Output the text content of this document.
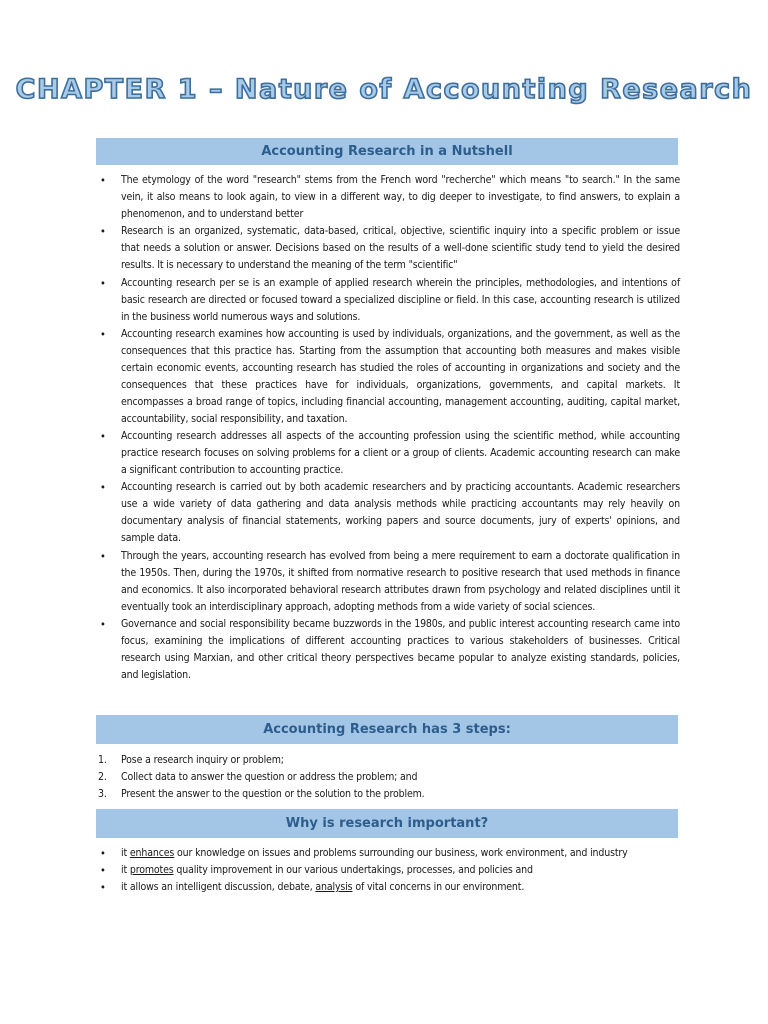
CHAPTER 1 – Nature of Accounting Research
Accounting Research in a Nutshell
• The etymology of the word "research" stems from the French word "recherche" which means "to search." In the same vein, it also means to look again, to view in a different way, to dig deeper to investigate, to find answers, to explain a phenomenon, and to understand better
• Research is an organized, systematic, data-based, critical, objective, scientific inquiry into a specific problem or issue that needs a solution or answer. Decisions based on the results of a well-done scientific study tend to yield the desired results. It is necessary to understand the meaning of the term "scientific"
• Accounting research per se is an example of applied research wherein the principles, methodologies, and intentions of basic research are directed or focused toward a specialized discipline or field. In this case, accounting research is utilized in the business world numerous ways and solutions.
• Accounting research examines how accounting is used by individuals, organizations, and the government, as well as the consequences that this practice has. Starting from the assumption that accounting both measures and makes visible certain economic events, accounting research has studied the roles of accounting in organizations and society and the consequences that these practices have for individuals, organizations, governments, and capital markets. It encompasses a broad range of topics, including financial accounting, management accounting, auditing, capital market, accountability, social responsibility, and taxation.
• Accounting research addresses all aspects of the accounting profession using the scientific method, while accounting practice research focuses on solving problems for a client or a group of clients. Academic accounting research can make a significant contribution to accounting practice.
• Accounting research is carried out by both academic researchers and by practicing accountants. Academic researchers use a wide variety of data gathering and data analysis methods while practicing accountants may rely heavily on documentary analysis of financial statements, working papers and source documents, jury of experts' opinions, and sample data.
• Through the years, accounting research has evolved from being a mere requirement to earn a doctorate qualification in the 1950s. Then, during the 1970s, it shifted from normative research to positive research that used methods in finance and economics. It also incorporated behavioral research attributes drawn from psychology and related disciplines until it eventually took an interdisciplinary approach, adopting methods from a wide variety of social sciences.
• Governance and social responsibility became buzzwords in the 1980s, and public interest accounting research came into focus, examining the implications of different accounting practices to various stakeholders of businesses. Critical research using Marxian, and other critical theory perspectives became popular to analyze existing standards, policies, and legislation.
Accounting Research has 3 steps:
1. Pose a research inquiry or problem;
2. Collect data to answer the question or address the problem; and
3. Present the answer to the question or the solution to the problem.
Why is research important?
• it enhances our knowledge on issues and problems surrounding our business, work environment, and industry
• it promotes quality improvement in our various undertakings, processes, and policies and
• it allows an intelligent discussion, debate, analysis of vital concerns in our environment.
